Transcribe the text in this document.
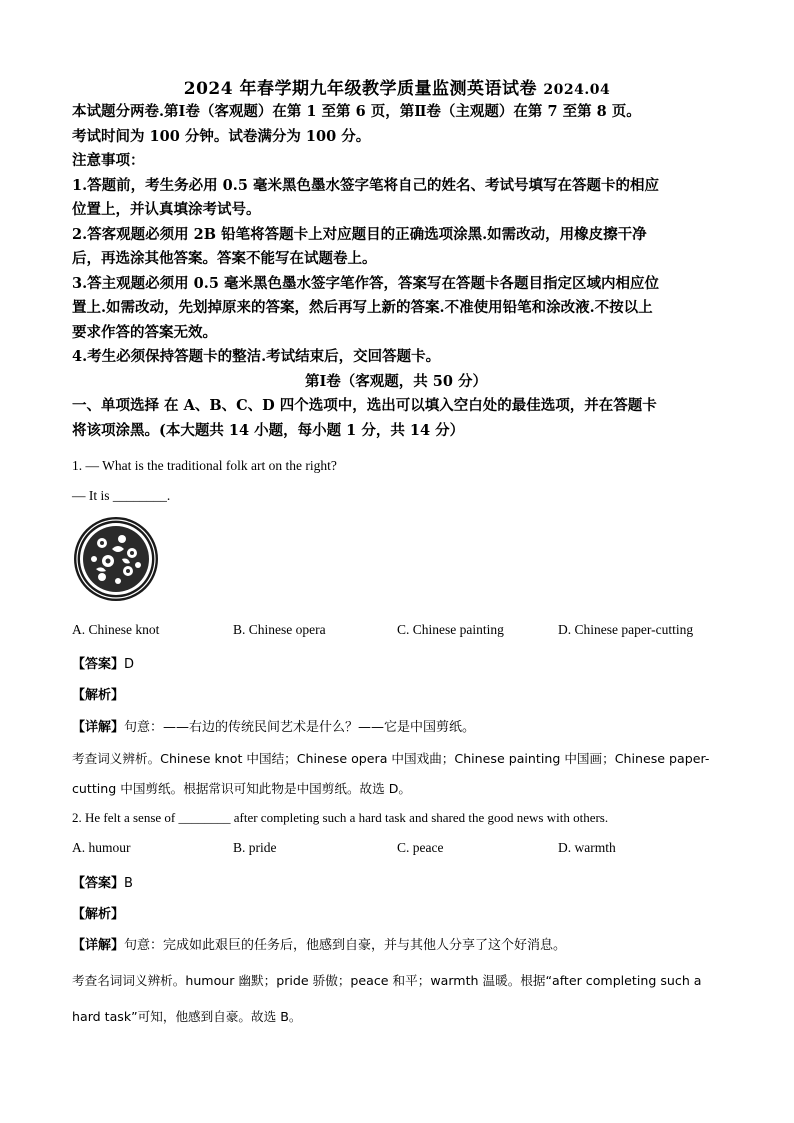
2024 年春学期九年级教学质量监测英语试卷 2024.04
本试题分两卷.第Ⅰ卷（客观题）在第 1 至第 6 页，第Ⅱ卷（主观题）在第 7 至第 8 页。
考试时间为 100 分钟。试卷满分为 100 分。
注意事项：
1.答题前，考生务必用 0.5 毫米黑色墨水签字笔将自己的姓名、考试号填写在答题卡的相应
位置上，并认真填涂考试号。
2.答客观题必须用 2B 铅笔将答题卡上对应题目的正确选项涂黑.如需改动，用橡皮擦干净
后，再选涂其他答案。答案不能写在试题卷上。
3.答主观题必须用 0.5 毫米黑色墨水签字笔作答，答案写在答题卡各题目指定区域内相应位
置上.如需改动，先划掉原来的答案，然后再写上新的答案.不准使用铅笔和涂改液.不按以上
要求作答的答案无效。
4.考生必须保持答题卡的整洁.考试结束后，交回答题卡。
第Ⅰ卷（客观题，共 50 分）
一、单项选择 在 A、B、C、D 四个选项中，选出可以填入空白处的最佳选项，并在答题卡
将该项涂黑。(本大题共 14 小题，每小题 1 分，共 14 分）
1. — What is the traditional folk art on the right?
— It is ________.
A. Chinese knot	B. Chinese opera	C. Chinese painting	D. Chinese paper-cutting
【答案】D
【解析】
【详解】句意：——右边的传统民间艺术是什么？——它是中国剪纸。
考查词义辨析。Chinese knot 中国结；Chinese opera 中国戏曲；Chinese painting 中国画；Chinese paper-
cutting 中国剪纸。根据常识可知此物是中国剪纸。故选 D。
2. He felt a sense of ________ after completing such a hard task and shared the good news with others.
A. humour	B. pride	C. peace	D. warmth
【答案】B
【解析】
【详解】句意：完成如此艰巨的任务后，他感到自豪，并与其他人分享了这个好消息。
考查名词词义辨析。humour 幽默；pride 骄傲；peace 和平；warmth 温暖。根据“after completing such a
hard task”可知，他感到自豪。故选 B。
